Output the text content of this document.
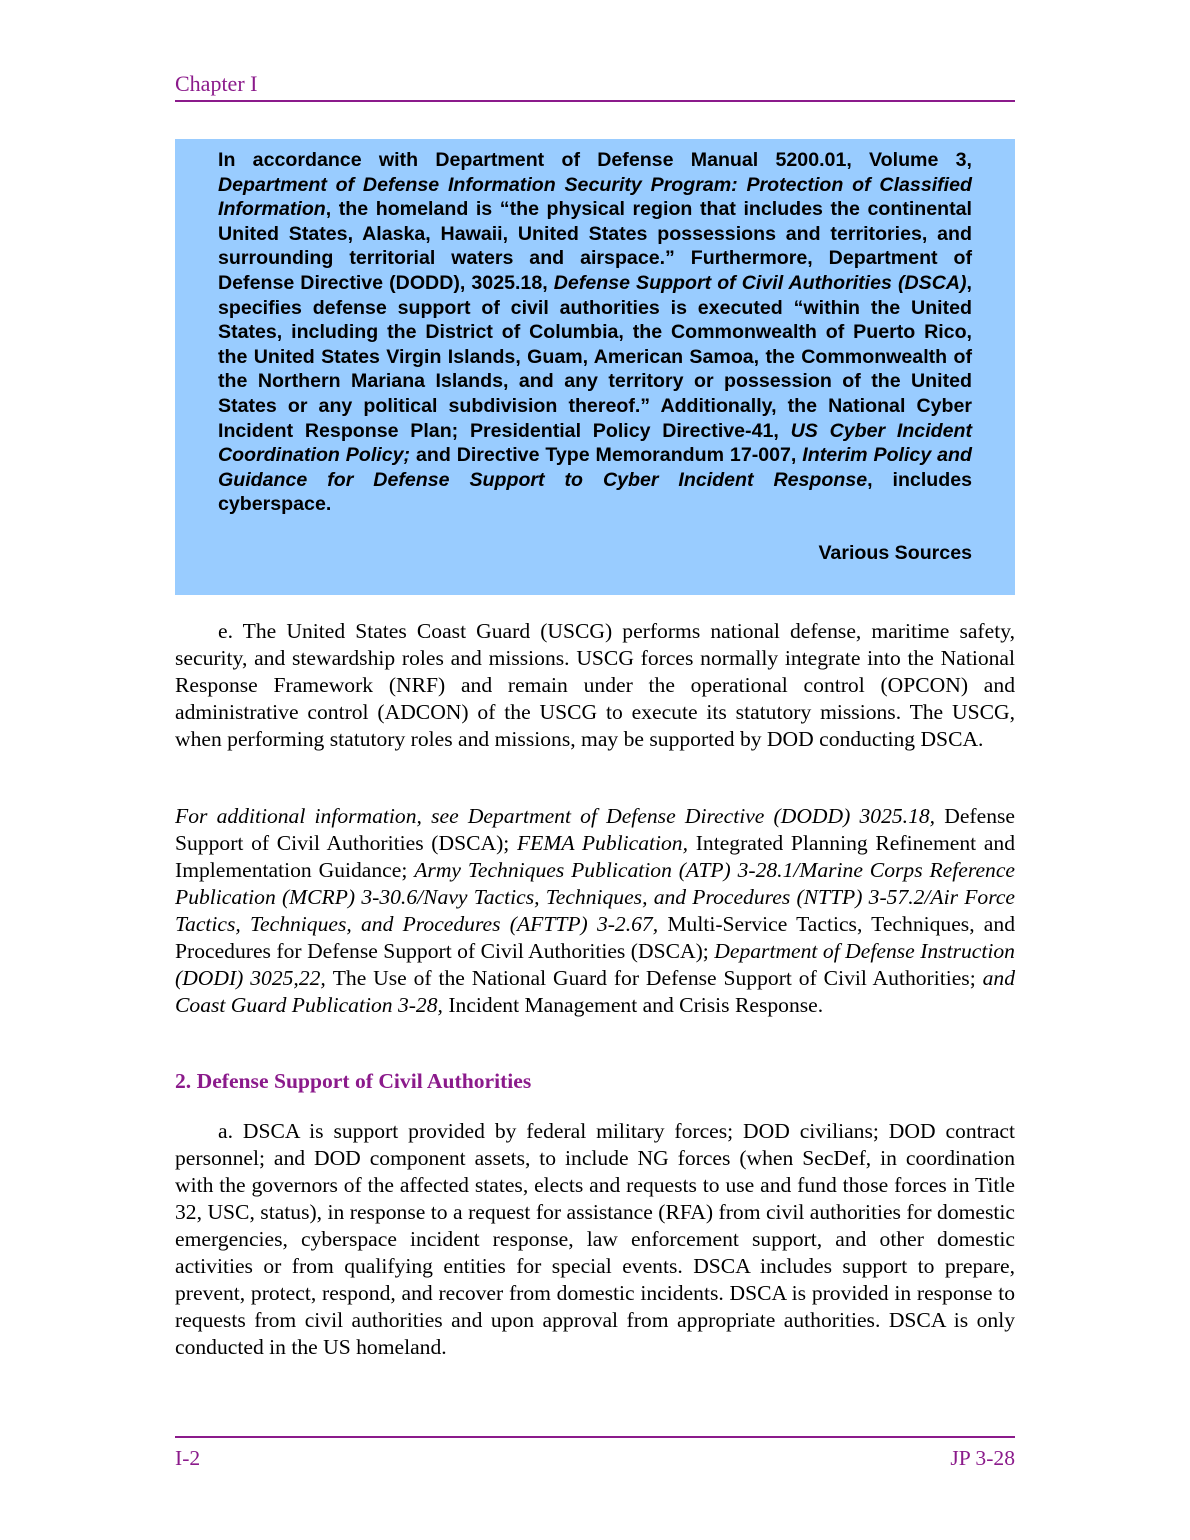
Chapter I

In accordance with Department of Defense Manual 5200.01, Volume 3, Department of Defense Information Security Program: Protection of Classified Information, the homeland is “the physical region that includes the continental United States, Alaska, Hawaii, United States possessions and territories, and surrounding territorial waters and airspace.” Furthermore, Department of Defense Directive (DODD), 3025.18, Defense Support of Civil Authorities (DSCA), specifies defense support of civil authorities is executed “within the United States, including the District of Columbia, the Commonwealth of Puerto Rico, the United States Virgin Islands, Guam, American Samoa, the Commonwealth of the Northern Mariana Islands, and any territory or possession of the United States or any political subdivision thereof.” Additionally, the National Cyber Incident Response Plan; Presidential Policy Directive-41, US Cyber Incident Coordination Policy; and Directive Type Memorandum 17-007, Interim Policy and Guidance for Defense Support to Cyber Incident Response, includes cyberspace.

Various Sources

e. The United States Coast Guard (USCG) performs national defense, maritime safety, security, and stewardship roles and missions. USCG forces normally integrate into the National Response Framework (NRF) and remain under the operational control (OPCON) and administrative control (ADCON) of the USCG to execute its statutory missions. The USCG, when performing statutory roles and missions, may be supported by DOD conducting DSCA.

For additional information, see Department of Defense Directive (DODD) 3025.18, Defense Support of Civil Authorities (DSCA); FEMA Publication, Integrated Planning Refinement and Implementation Guidance; Army Techniques Publication (ATP) 3-28.1/Marine Corps Reference Publication (MCRP) 3-30.6/Navy Tactics, Techniques, and Procedures (NTTP) 3-57.2/Air Force Tactics, Techniques, and Procedures (AFTTP) 3-2.67, Multi-Service Tactics, Techniques, and Procedures for Defense Support of Civil Authorities (DSCA); Department of Defense Instruction (DODI) 3025,22, The Use of the National Guard for Defense Support of Civil Authorities; and Coast Guard Publication 3-28, Incident Management and Crisis Response.

2. Defense Support of Civil Authorities

a. DSCA is support provided by federal military forces; DOD civilians; DOD contract personnel; and DOD component assets, to include NG forces (when SecDef, in coordination with the governors of the affected states, elects and requests to use and fund those forces in Title 32, USC, status), in response to a request for assistance (RFA) from civil authorities for domestic emergencies, cyberspace incident response, law enforcement support, and other domestic activities or from qualifying entities for special events. DSCA includes support to prepare, prevent, protect, respond, and recover from domestic incidents. DSCA is provided in response to requests from civil authorities and upon approval from appropriate authorities. DSCA is only conducted in the US homeland.

I-2	JP 3-28
